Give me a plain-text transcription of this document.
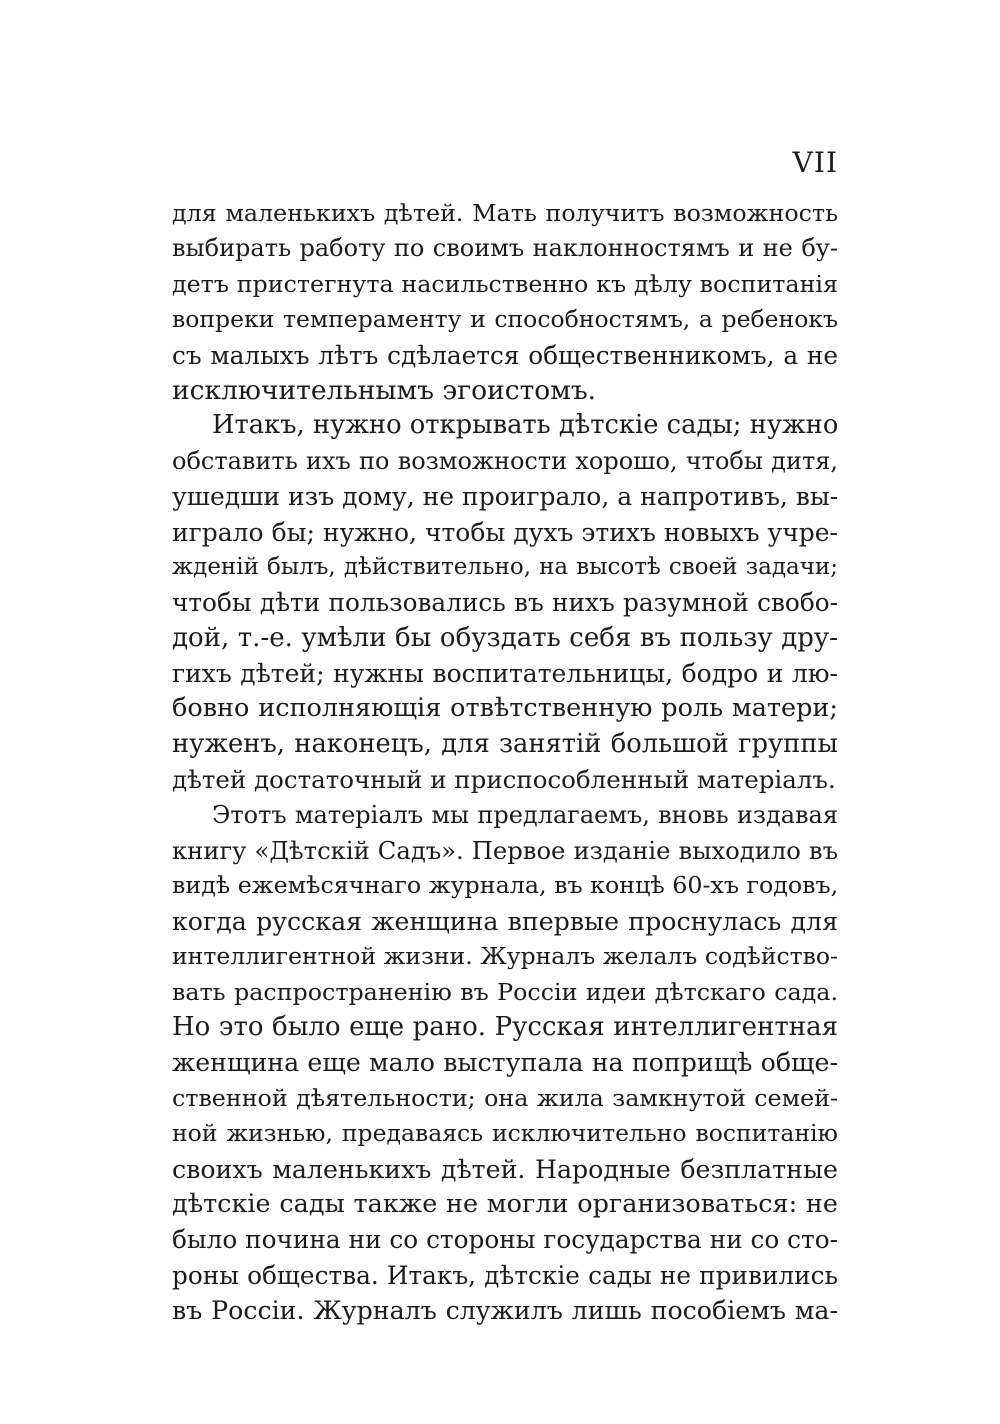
VII
для маленькихъ дѣтей. Мать получитъ возможность
выбирать работу по своимъ наклонностямъ и не бу-
детъ пристегнута насильственно къ дѣлу воспитанія
вопреки темпераменту и способностямъ, а ребенокъ
съ малыхъ лѣтъ сдѣлается общественникомъ, а не
исключительнымъ эгоистомъ.
Итакъ, нужно открывать дѣтскіе сады; нужно
обставить ихъ по возможности хорошо, чтобы дитя,
ушедши изъ дому, не проиграло, а напротивъ, вы-
играло бы; нужно, чтобы духъ этихъ новыхъ учре-
жденій былъ, дѣйствительно, на высотѣ своей задачи;
чтобы дѣти пользовались въ нихъ разумной свобо-
дой, т.-е. умѣли бы обуздать себя въ пользу дру-
гихъ дѣтей; нужны воспитательницы, бодро и лю-
бовно исполняющія отвѣтственную роль матери;
нуженъ, наконецъ, для занятій большой группы
дѣтей достаточный и приспособленный матеріалъ.
Этотъ матеріалъ мы предлагаемъ, вновь издавая
книгу «Дѣтскій Садъ». Первое изданіе выходило въ
видѣ ежемѣсячнаго журнала, въ концѣ 60-хъ годовъ,
когда русская женщина впервые проснулась для
интеллигентной жизни. Журналъ желалъ содѣйство-
вать распространенію въ Россіи идеи дѣтскаго сада.
Но это было еще рано. Русская интеллигентная
женщина еще мало выступала на поприщѣ обще-
ственной дѣятельности; она жила замкнутой семей-
ной жизнью, предаваясь исключительно воспитанію
своихъ маленькихъ дѣтей. Народные безплатные
дѣтскіе сады также не могли организоваться: не
было почина ни со стороны государства ни со сто-
роны общества. Итакъ, дѣтскіе сады не привились
въ Россіи. Журналъ служилъ лишь пособіемъ ма-
